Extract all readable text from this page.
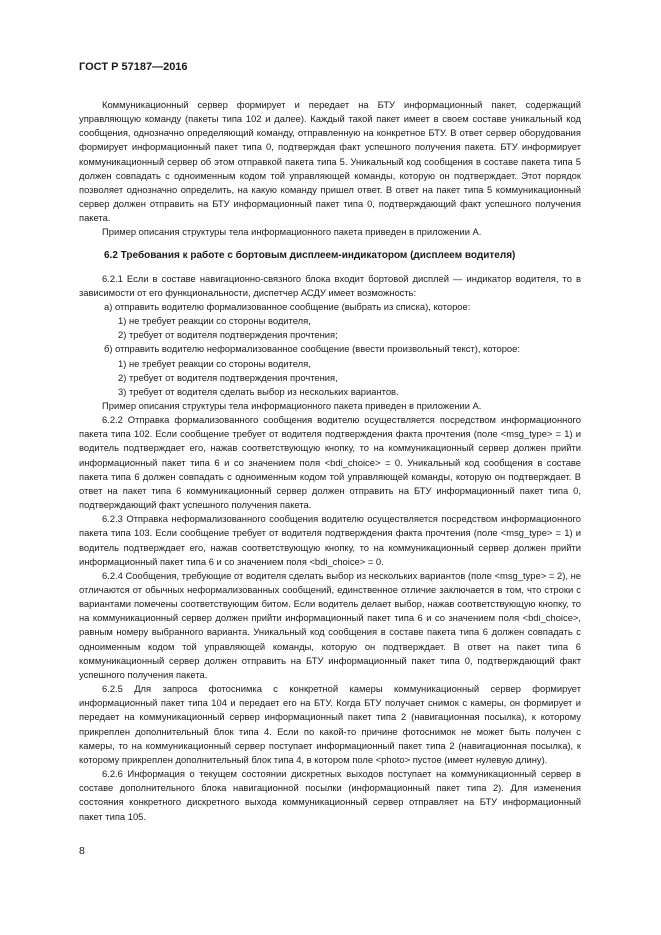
ГОСТ Р 57187—2016

Коммуникационный сервер формирует и передает на БТУ информационный пакет, содержащий управляющую команду (пакеты типа 102 и далее). Каждый такой пакет имеет в своем составе уникальный код сообщения, однозначно определяющий команду, отправленную на конкретное БТУ. В ответ сервер оборудования формирует информационный пакет типа 0, подтверждая факт успешного получения пакета. БТУ информирует коммуникационный сервер об этом отправкой пакета типа 5. Уникальный код сообщения в составе пакета типа 5 должен совпадать с одноименным кодом той управляющей команды, которую он подтверждает. Этот порядок позволяет однозначно определить, на какую команду пришел ответ. В ответ на пакет типа 5 коммуникационный сервер должен отправить на БТУ информационный пакет типа 0, подтверждающий факт успешного получения пакета.

Пример описания структуры тела информационного пакета приведен в приложении А.

6.2 Требования к работе с бортовым дисплеем-индикатором (дисплеем водителя)

6.2.1 Если в составе навигационно-связного блока входит бортовой дисплей — индикатор водителя, то в зависимости от его функциональности, диспетчер АСДУ имеет возможность:

а) отправить водителю формализованное сообщение (выбрать из списка), которое:

1) не требует реакции со стороны водителя,

2) требует от водителя подтверждения прочтения;

б) отправить водителю неформализованное сообщение (ввести произвольный текст), которое:

1) не требует реакции со стороны водителя,

2) требует от водителя подтверждения прочтения,

3) требует от водителя сделать выбор из нескольких вариантов.

Пример описания структуры тела информационного пакета приведен в приложении А.

6.2.2 Отправка формализованного сообщения водителю осуществляется посредством информационного пакета типа 102. Если сообщение требует от водителя подтверждения факта прочтения (поле <msg_type> = 1) и водитель подтверждает его, нажав соответствующую кнопку, то на коммуникационный сервер должен прийти информационный пакет типа 6 и со значением поля <bdi_choice> = 0. Уникальный код сообщения в составе пакета типа 6 должен совпадать с одноименным кодом той управляющей команды, которую он подтверждает. В ответ на пакет типа 6 коммуникационный сервер должен отправить на БТУ информационный пакет типа 0, подтверждающий факт успешного получения пакета.

6.2.3 Отправка неформализованного сообщения водителю осуществляется посредством информационного пакета типа 103. Если сообщение требует от водителя подтверждения факта прочтения (поле <msg_type> = 1) и водитель подтверждает его, нажав соответствующую кнопку, то на коммуникационный сервер должен прийти информационный пакет типа 6 и со значением поля <bdi_choice> = 0.

6.2.4 Сообщения, требующие от водителя сделать выбор из нескольких вариантов (поле <msg_type> = 2), не отличаются от обычных неформализованных сообщений, единственное отличие заключается в том, что строки с вариантами помечены соответствующим битом. Если водитель делает выбор, нажав соответствующую кнопку, то на коммуникационный сервер должен прийти информационный пакет типа 6 и со значением поля <bdi_choice>, равным номеру выбранного варианта. Уникальный код сообщения в составе пакета типа 6 должен совпадать с одноименным кодом той управляющей команды, которую он подтверждает. В ответ на пакет типа 6 коммуникационный сервер должен отправить на БТУ информационный пакет типа 0, подтверждающий факт успешного получения пакета.

6.2.5 Для запроса фотоснимка с конкретной камеры коммуникационный сервер формирует информационный пакет типа 104 и передает его на БТУ. Когда БТУ получает снимок с камеры, он формирует и передает на коммуникационный сервер информационный пакет типа 2 (навигационная посылка), к которому прикреплен дополнительный блок типа 4. Если по какой-то причине фотоснимок не может быть получен с камеры, то на коммуникационный сервер поступает информационный пакет типа 2 (навигационная посылка), к которому прикреплен дополнительный блок типа 4, в котором поле <photo> пустое (имеет нулевую длину).

6.2.6 Информация о текущем состоянии дискретных выходов поступает на коммуникационный сервер в составе дополнительного блока навигационной посылки (информационный пакет типа 2). Для изменения состояния конкретного дискретного выхода коммуникационный сервер отправляет на БТУ информационный пакет типа 105.

8
